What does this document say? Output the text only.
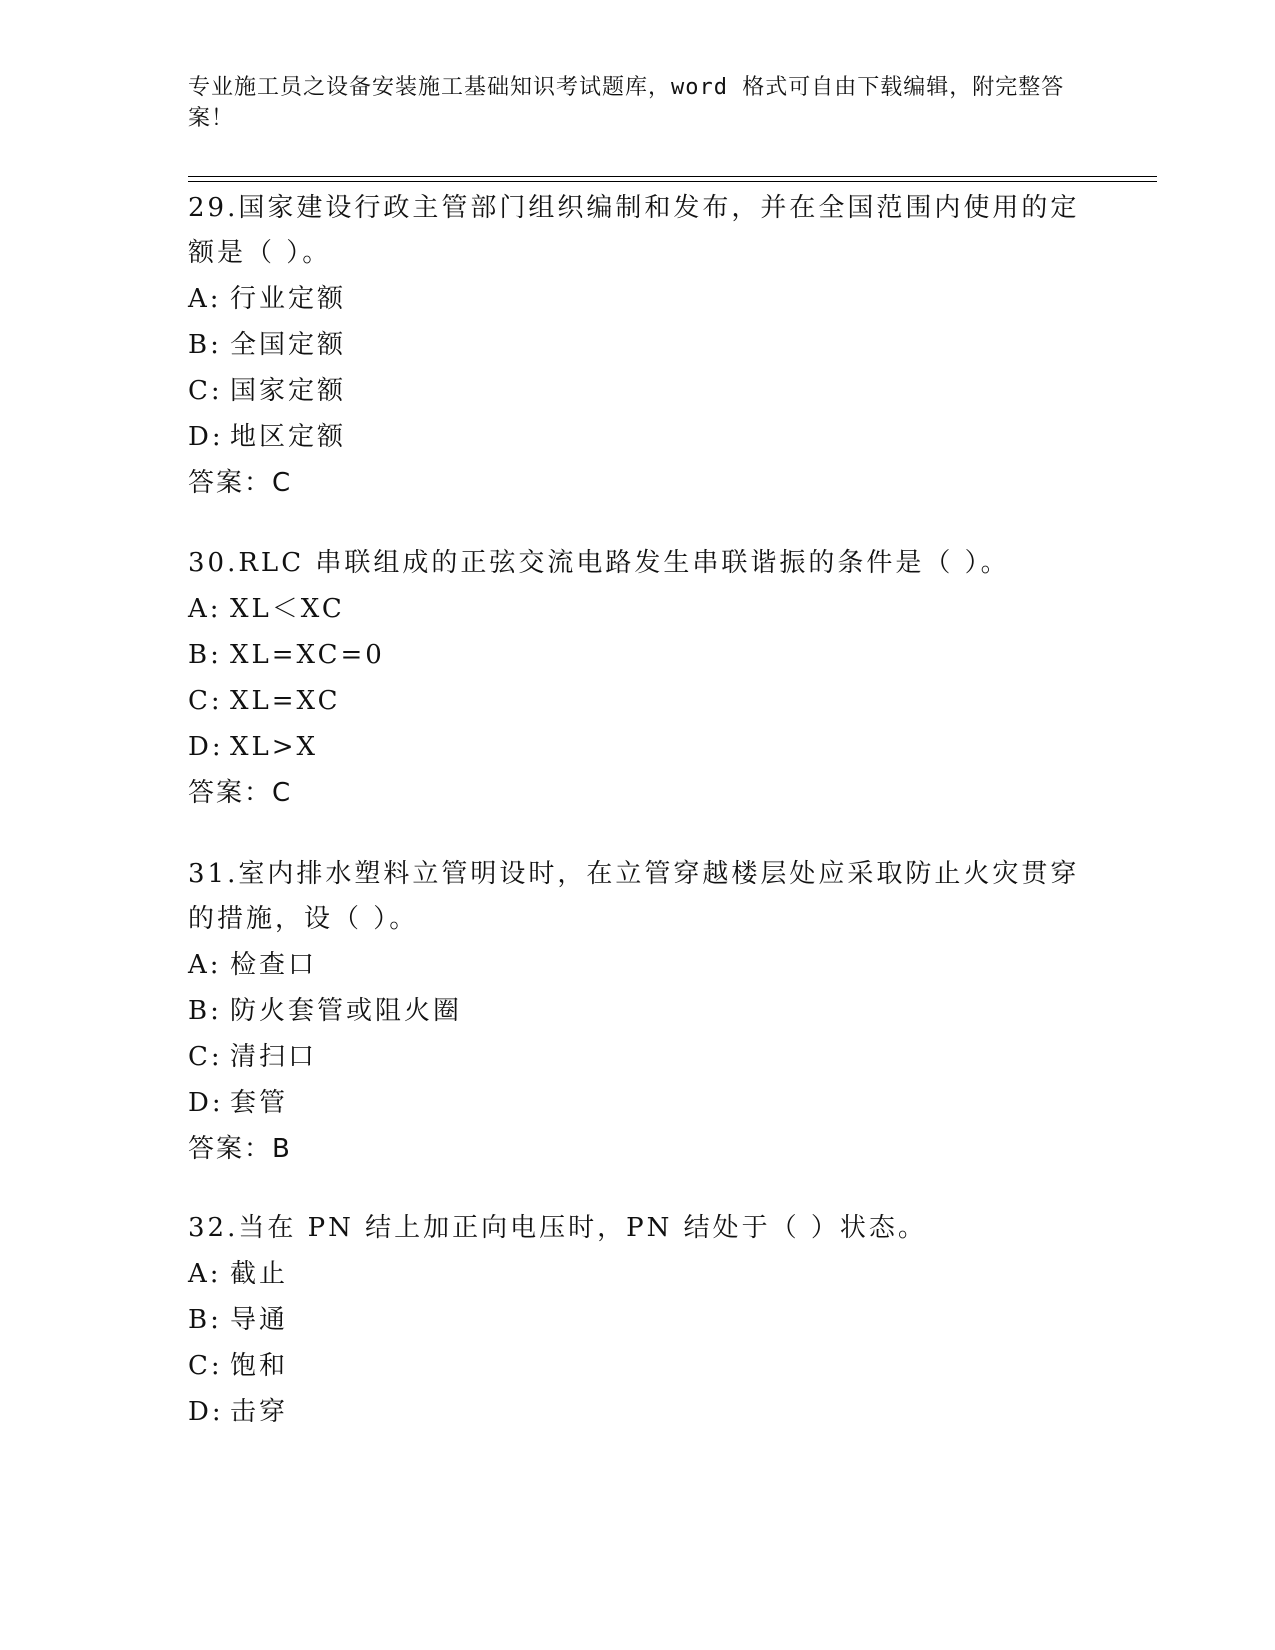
专业施工员之设备安装施工基础知识考试题库，word 格式可自由下载编辑，附完整答案！
29.国家建设行政主管部门组织编制和发布，并在全国范围内使用的定额是（ ）。
A: 行业定额
B: 全国定额
C: 国家定额
D: 地区定额
答案：C
30.RLC 串联组成的正弦交流电路发生串联谐振的条件是（ ）。
A: XL＜XC
B: XL=XC=0
C: XL=XC
D: XL>X
答案：C
31.室内排水塑料立管明设时，在立管穿越楼层处应采取防止火灾贯穿的措施，设（ ）。
A: 检查口
B: 防火套管或阻火圈
C: 清扫口
D: 套管
答案：B
32.当在 PN 结上加正向电压时，PN 结处于（ ）状态。
A: 截止
B: 导通
C: 饱和
D: 击穿
